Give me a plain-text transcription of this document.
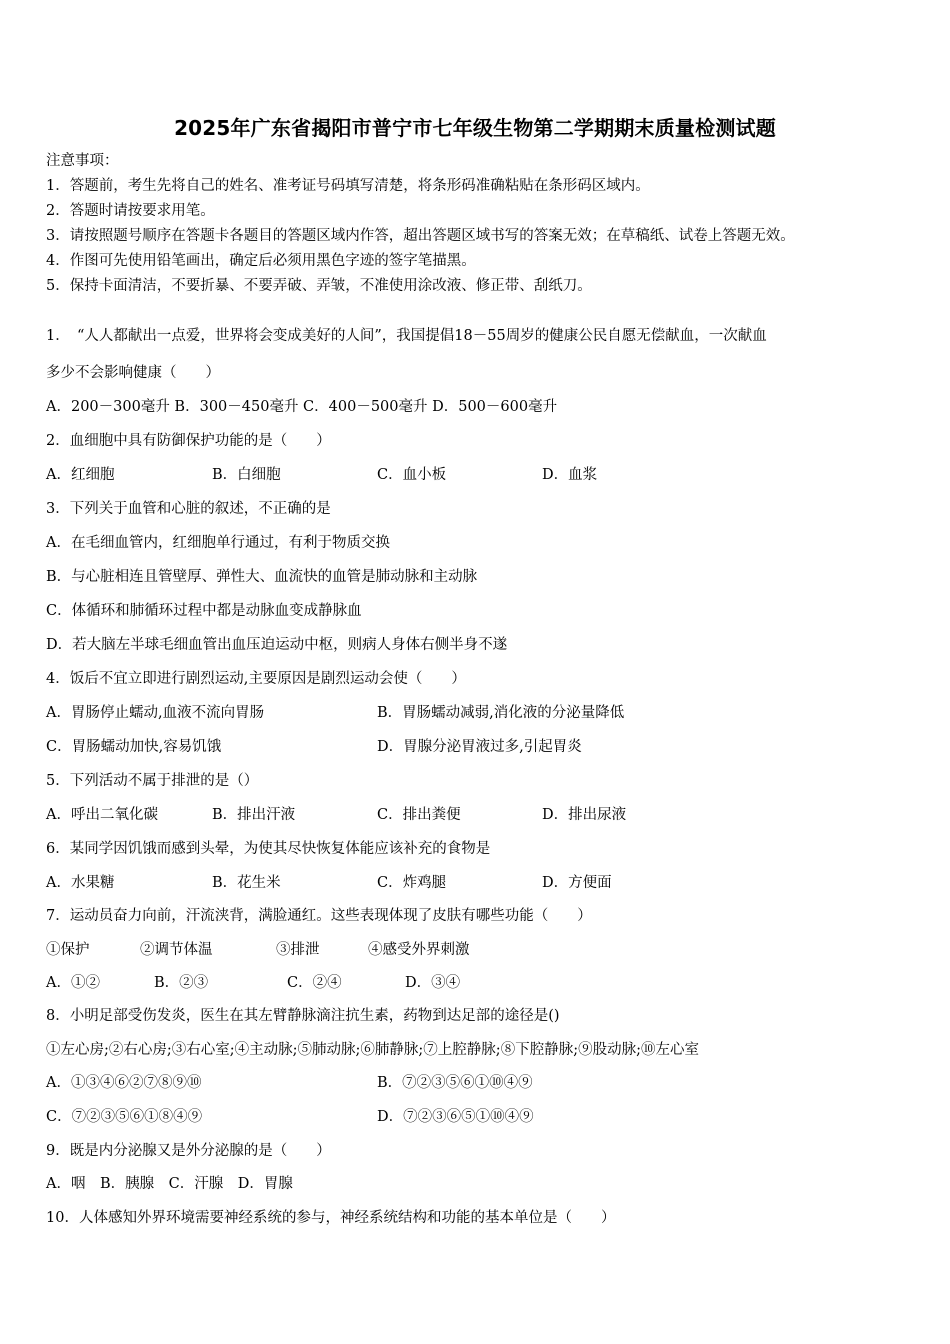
2025年广东省揭阳市普宁市七年级生物第二学期期末质量检测试题
注意事项：
1．答题前，考生先将自己的姓名、准考证号码填写清楚，将条形码准确粘贴在条形码区域内。
2．答题时请按要求用笔。
3．请按照题号顺序在答题卡各题目的答题区域内作答，超出答题区域书写的答案无效；在草稿纸、试卷上答题无效。
4．作图可先使用铅笔画出，确定后必须用黑色字迹的签字笔描黑。
5．保持卡面清洁，不要折暴、不要弄破、弄皱，不准使用涂改液、修正带、刮纸刀。
1．　“人人都献出一点爱，世界将会变成美好的人间”，我国提倡18－55周岁的健康公民自愿无偿献血，一次献血
多少不会影响健康（　　）
A．200－300毫升 B．300－450毫升 C．400－500毫升 D．500－600毫升
2．血细胞中具有防御保护功能的是（　　）
A．红细胞	B．白细胞	C．血小板	D．血浆
3．下列关于血管和心脏的叙述，不正确的是
A．在毛细血管内，红细胞单行通过，有利于物质交换
B．与心脏相连且管壁厚、弹性大、血流快的血管是肺动脉和主动脉
C．体循环和肺循环过程中都是动脉血变成静脉血
D．若大脑左半球毛细血管出血压迫运动中枢，则病人身体右侧半身不遂
4．饭后不宜立即进行剧烈运动,主要原因是剧烈运动会使（　　）
A．胃肠停止蠕动,血液不流向胃肠	B．胃肠蠕动减弱,消化液的分泌量降低
C．胃肠蠕动加快,容易饥饿	D．胃腺分泌胃液过多,引起胃炎
5．下列活动不属于排泄的是（）
A．呼出二氧化碳	B．排出汗液	C．排出粪便	D．排出尿液
6．某同学因饥饿而感到头晕，为使其尽快恢复体能应该补充的食物是
A．水果糖	B．花生米	C．炸鸡腿	D．方便面
7．运动员奋力向前，汗流浃背，满脸通红。这些表现体现了皮肤有哪些功能（　　）
①保护	②调节体温	③排泄	④感受外界刺激
A．①②	B．②③	C．②④	D．③④
8．小明足部受伤发炎，医生在其左臂静脉滴注抗生素，药物到达足部的途径是()
①左心房;②右心房;③右心室;④主动脉;⑤肺动脉;⑥肺静脉;⑦上腔静脉;⑧下腔静脉;⑨股动脉;⑩左心室
A．①③④⑥②⑦⑧⑨⑩	B．⑦②③⑤⑥①⑩④⑨
C．⑦②③⑤⑥①⑧④⑨	D．⑦②③⑥⑤①⑩④⑨
9．既是内分泌腺又是外分泌腺的是（　　）
A．咽　B．胰腺　C．汗腺　D．胃腺
10．人体感知外界环境需要神经系统的参与，神经系统结构和功能的基本单位是（　　）
